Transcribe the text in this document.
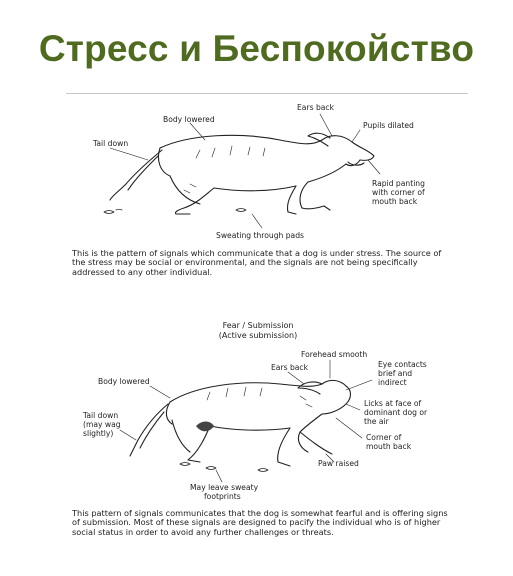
Стресс и Беспокойство
Ears back
Body lowered
Pupils dilated
Tail down
Rapid panting
with corner of
mouth back
Sweating through pads
Fear / Submission
(Active submission)
Forehead smooth
Ears back	Eye contacts
brief and
indirect
Body lowered
Licks at face of
dominant dog or
the air
Tail down
(may wag
slightly)	Corner of
mouth back
Paw raised
May leave sweaty
footprints

This is the pattern of signals which communicate that a dog is under stress. The source of the stress may be social or environmental, and the signals are not being specifically addressed to any other individual.

This pattern of signals communicates that the dog is somewhat fearful and is offering signs of submission. Most of these signals are designed to pacify the individual who is of higher social status in order to avoid any further challenges or threats.
